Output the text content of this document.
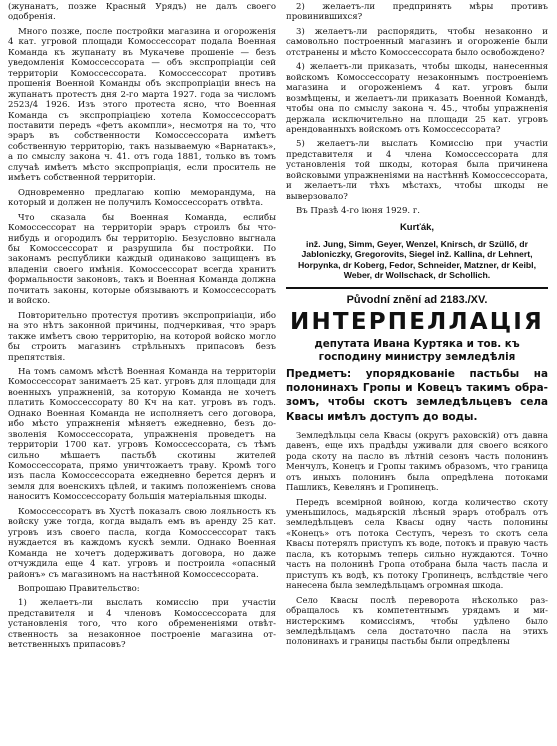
(жунанатъ, позже Красный Урядъ) не далъ своего одобренія.

Много позже, после постройки магазина и огороженія 4 кат. угровой площади Комоссессорат подала Военная Команда къ жупанату въ Мукачеве прошеніе — безъ уведомленія Комоссессората — объ экспропріаціи сей территоріи Комоссессората. Комоссессорат противъ прошенія Военной Команды объ экспропріаціи внесъ на жупанатъ протестъ дня 2-го марта 1927. года за числомъ 2523/4 1926. Изъ этого протеста ясно, что Военная Команда съ экспропріацією хотела Комоссессоратъ поставити передъ «фетъ акомпли», несмотря на то, что эраръ въ собственности Комоссессората имѣетъ собственную территорію, такъ называемую «Варнатакъ», а по смыслу закона ч. 41. отъ года 1881, только въ томъ случаѣ имѣетъ мѣсто экспропріація, если проситель не имѣетъ собственной территоріи.

Одновременно предлагаю копію меморандума, на который и должен не получилъ Комоссессоратъ отвѣта.

Что сказала бы Военная Команда, еслибы Комоссессорат на территоріи эраръ строилъ бы что-нибудь и огородилъ бы территорію. Безусловно выгнала бы Комоссессорат и разрушила бы постройки. По законамъ республики каждый одинаково защищенъ въ владеніи своего имѣнія. Комоссессорат всегда хранитъ формальности законовъ, такъ и Военная Команда должна почитать законы, которые обязываютъ и Комоссессоратъ и войско.

Повторительно протестуя противъ экспроприіаціи, ибо на это нѣтъ законной причины, подчеркивая, что эраръ также имѣетъ свою территорію, на которой войско могло бы строить магазинъ стрѣльныхъ припасовъ безъ препятствія.

На томъ самомъ мѣстѣ Военная Команда на территоріи Комоссессорат занимаетъ 25 кат. угровъ для площади для военныхъ упражненій, за которую Команда не хочетъ платить Комоссессорату 80 Кч на кат. угровъ въ годъ. Однако Военная Команда не исполняетъ сего договора, ибо мѣсто упражненія мѣняетъ ежедневно, безъ дозволенія Комоссессората, упражненія проведетъ на территоріи 1700 кат. угровъ Комоссессората, съ тѣмъ сильно мѣшаетъ пастьбѣ скотины жителей Комоссессората, прямо уничтожаетъ траву. Кромѣ того изъ пасла Комоссессората ежедневно берется дернъ и земля для военскихъ цѣлей, и такимъ положеніемъ снова наноситъ Комоссессорату большія матеріальныя шкоды.

Комоссессоратъ въ Хустѣ показалъ свою лояльность къ войску уже тогда, когда выдалъ емъ въ аренду 25 кат. угровъ изъ своего пасла, когда Комоссессорат такъ нуждается въ каждомъ кускѣ земли. Однако Военная Команда не хочетъ додерживатъ договора, но даже отчуждила еще 4 кат. угровъ и построила «опасный районъ» съ магазиномъ на настѣнной Комоссессората.

Вопрошаю Правительство:

1) желаетъ-ли выслать комиссію при участіи представителя и 4 членовъ Комоссессората для установленія того, что кого обремененіями отвѣтственность за незаконное построеніе магазина ответственныхъ припасовъ?

2) желаетъ-ли предпринять мѣры противъ провинившихся?

3) желаетъ-ли распорядить, чтобы незаконно и самовольно построенный магазинъ и огороженіе были отстранены и мѣсто Комоссессората было освобождено?

4) желаетъ-ли приказать, чтобы шкоды, нанесенныя войскомъ Комоссессорату незаконнымъ построеніемъ магазина и огороженіемъ 4 кат. угровъ были возмѣщены, и желаетъ-ли приказать Военной Командѣ, чтобы она по смыслу закона ч. 45., чтобы упражненія держала исключительно на площади 25 кат. угровъ арендованныхъ войскомъ отъ Комоссессората?

5) желаетъ-ли выслать Комиссію при участіи представителя и 4 члена Комоссессората для установленія той шкоды, которая была причинена войсковыми упражненіями на настѣннѣ Комоссессората, и желаетъ-ли тѣхъ мѣстахъ, чтобы шкоды не выверзовало?

Въ Празѣ 4-го іюня 1929. г.

Kurťák,

inž. Jung, Simm, Geyer, Wenzel, Knirsch, dr Szüllő, dr Jabloniczky, Gregorovits, Siegel inž. Kallina, dr Lehnert, Horpynka, dr Koberg, Fedor, Schneider, Matzner, dr Keibl, Weber, dr Wollschack, dr Schollich.

Původní znění ad 2183./XV.
ИНТЕРПЕЛЛАЦІЯ
депутата Ивана Куртяка и тов. къ господину министру земледѣлія
Предметъ: упорядкованіе пастьбы на полонинахъ Гропы и Ковецъ такимъ образомъ, чтобы скотъ земледѣльцевъ села Квасы имѣлъ доступъ до воды.

Земледѣльцы села Квасы (округъ раховскій) отъ давна давенъ, еще ихъ прадѣды уживали для своего всякого рода скоту на пасло въ лѣтній сезонъ часть полонинъ Менчулъ, Конецъ и Гропы такимъ образомъ, что граница отъ иныхъ полонинъ была опредѣлена потоками Пашликъ, Кевелянъ и Гропинецъ.

Передъ всемірной войною, когда количество скоту уменьшилось, мадьярскій лѣсный эраръ отобралъ отъ земледѣльцевъ села Квасы одну часть полонины «Конецъ» отъ потока Сеступъ, черезъ то скотъ села Квасы потерялъ приступъ къ воде, потокъ и правую часть пасла, къ которымъ теперь сильно нуждаются. Точно часть на полонинѣ Гропа отобрана была часть пасла и приступъ къ водѣ, къ потоку Гропинецъ, вслѣдствіе чего нанесена была земледѣльцамъ огромная шкода.

Село Квасы послѣ переворота нѣсколько разобращалось къ компетентнымъ урядамъ и министерскимъ комиссіямъ, чтобы удѣлено было земледѣльцамъ села достаточно пасла на этихъ полонинахъ и границы пастьбы были опредѣлены
